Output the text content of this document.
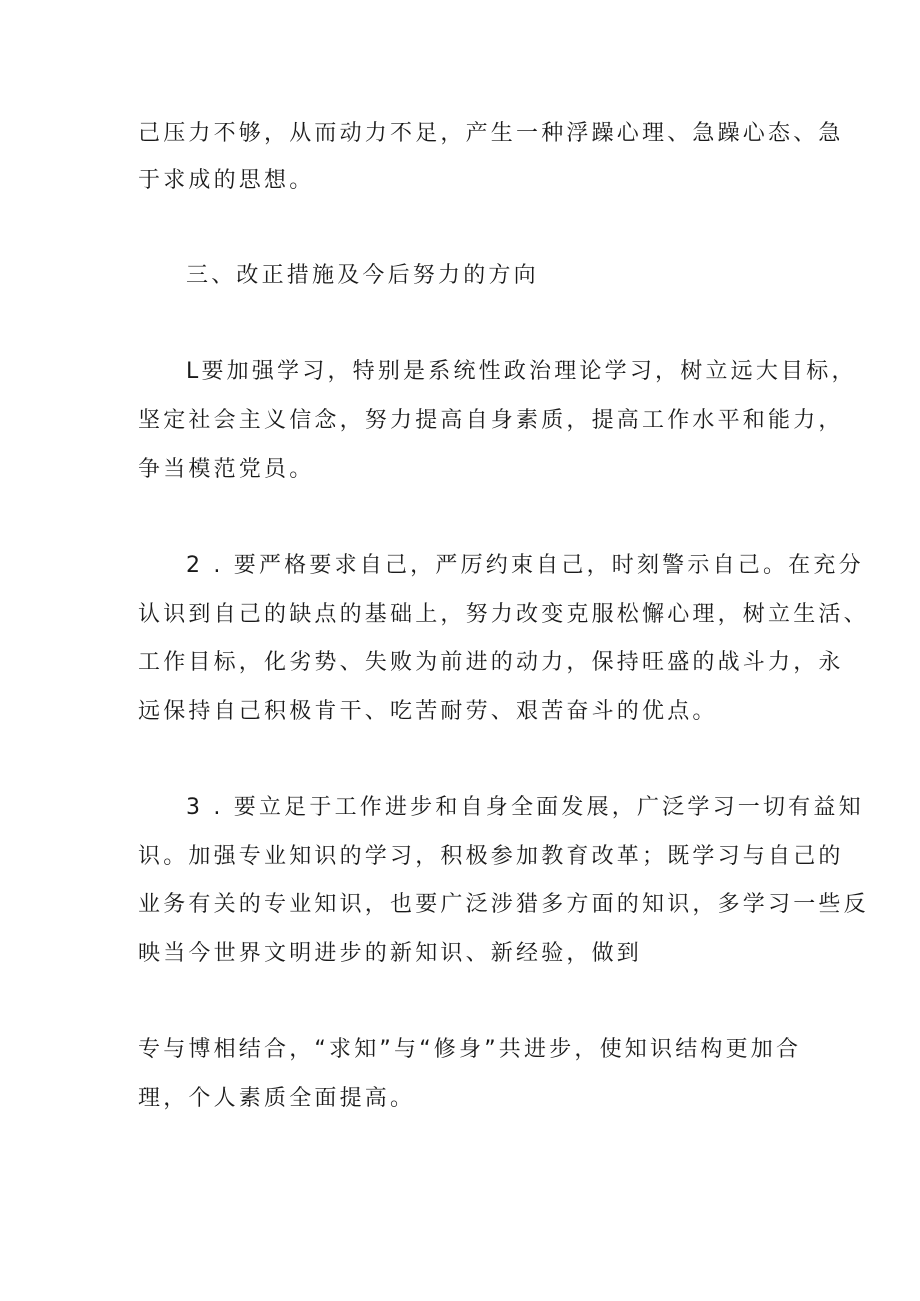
己压力不够，从而动力不足，产生一种浮躁心理、急躁心态、急
于求成的思想。
三、改正措施及今后努力的方向
L要加强学习，特别是系统性政治理论学习，树立远大目标，
坚定社会主义信念，努力提高自身素质，提高工作水平和能力，
争当模范党员。
2 . 要严格要求自己，严厉约束自己，时刻警示自己。在充分
认识到自己的缺点的基础上，努力改变克服松懈心理，树立生活、
工作目标，化劣势、失败为前进的动力，保持旺盛的战斗力，永
远保持自己积极肯干、吃苦耐劳、艰苦奋斗的优点。
3 . 要立足于工作进步和自身全面发展，广泛学习一切有益知
识。加强专业知识的学习，积极参加教育改革；既学习与自己的
业务有关的专业知识，也要广泛涉猎多方面的知识，多学习一些反
映当今世界文明进步的新知识、新经验，做到
专与博相结合，“求知”与“修身”共进步，使知识结构更加合
理，个人素质全面提高。
